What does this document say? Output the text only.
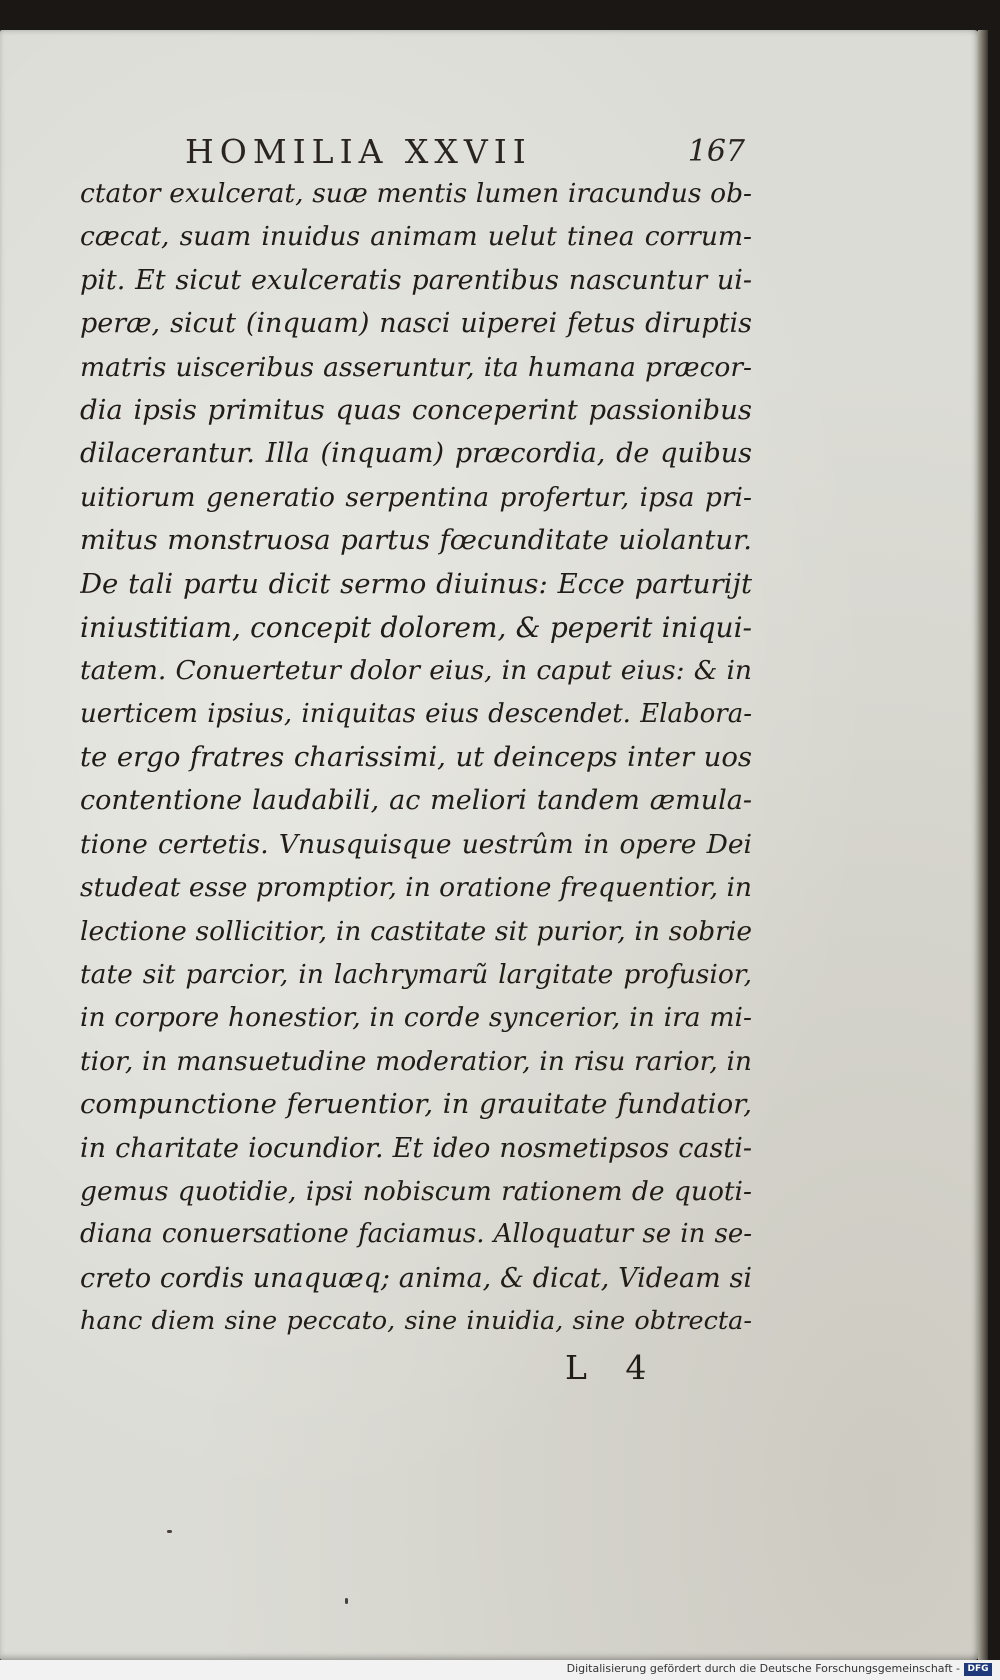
HOMILIA XXVII	167
ctator exulcerat, suæ mentis lumen iracundus ob-
cæcat, suam inuidus animam uelut tinea corrum-
pit. Et sicut exulceratis parentibus nascuntur ui-
peræ, sicut (inquam) nasci uiperei fetus diruptis
matris uisceribus asseruntur, ita humana præcor-
dia ipsis primitus quas conceperint passionibus
dilacerantur. Illa (inquam) præcordia, de quibus
uitiorum generatio serpentina profertur, ipsa pri-
mitus monstruosa partus fœcunditate uiolantur.
De tali partu dicit sermo diuinus: Ecce parturijt
iniustitiam, concepit dolorem, & peperit iniqui-
tatem. Conuertetur dolor eius, in caput eius: & in
uerticem ipsius, iniquitas eius descendet. Elabora-
te ergo fratres charissimi, ut deinceps inter uos
contentione laudabili, ac meliori tandem æmula-
tione certetis. Vnusquisque uestrûm in opere Dei
studeat esse promptior, in oratione frequentior, in
lectione sollicitior, in castitate sit purior, in sobrie
tate sit parcior, in lachrymarũ largitate profusior,
in corpore honestior, in corde syncerior, in ira mi-
tior, in mansuetudine moderatior, in risu rarior, in
compunctione feruentior, in grauitate fundatior,
in charitate iocundior. Et ideo nosmetipsos casti-
gemus quotidie, ipsi nobiscum rationem de quoti-
diana conuersatione faciamus. Alloquatur se in se-
creto cordis unaquæq; anima, & dicat, Videam si
hanc diem sine peccato, sine inuidia, sine obtrecta-
L 4
Digitalisierung gefördert durch die Deutsche Forschungsgemeinschaft - DFG
